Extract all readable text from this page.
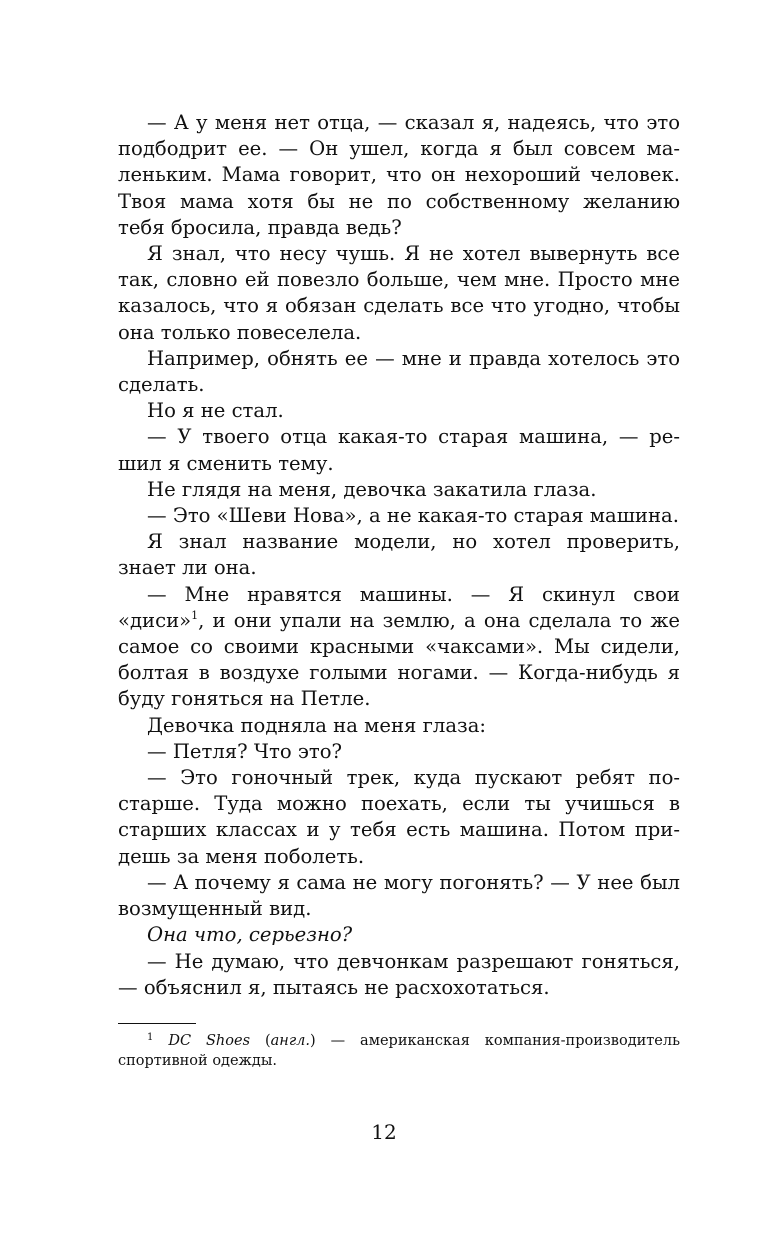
— А у меня нет отца, — сказал я, надеясь, что это подбодрит ее. — Он ушел, когда я был совсем маленьким. Мама говорит, что он нехороший человек. Твоя мама хотя бы не по собственному желанию тебя бросила, правда ведь?

Я знал, что несу чушь. Я не хотел вывернуть все так, словно ей повезло больше, чем мне. Просто мне казалось, что я обязан сделать все что угодно, чтобы она только повеселела.

Например, обнять ее — мне и правда хотелось это сделать.

Но я не стал.

— У твоего отца какая-то старая машина, — решил я сменить тему.

Не глядя на меня, девочка закатила глаза.

— Это «Шеви Нова», а не какая-то старая машина.

Я знал название модели, но хотел проверить, знает ли она.

— Мне нравятся машины. — Я скинул свои «диси»$^1$, и они упали на землю, а она сделала то же самое со своими красными «чаксами». Мы сидели, болтая в воздухе голыми ногами. — Когда-нибудь я буду гоняться на Петле.

Девочка подняла на меня глаза:

— Петля? Что это?

— Это гоночный трек, куда пускают ребят постарше. Туда можно поехать, если ты учишься в старших классах и у тебя есть машина. Потом придешь за меня поболеть.

— А почему я сама не могу погонять? — У нее был возмущенный вид.

Она что, серьезно?

— Не думаю, что девчонкам разрешают гоняться, — объяснил я, пытаясь не расхохотаться.

$^1$ DC Shoes (англ.) — американская компания-производитель спортивной одежды.

12
